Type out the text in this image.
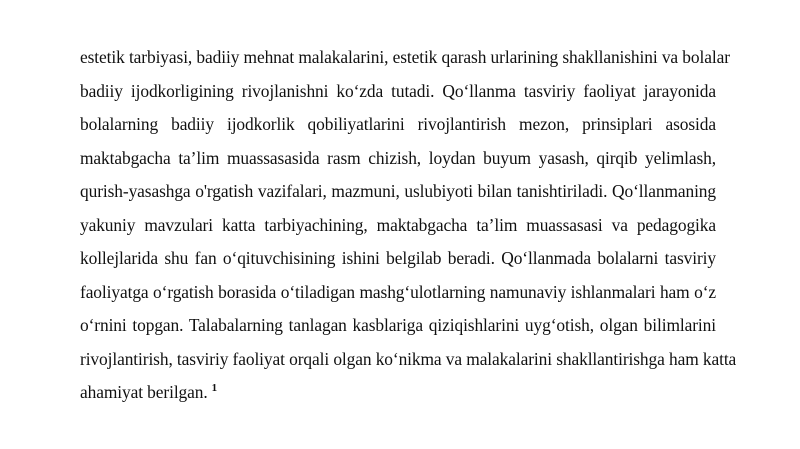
estetik tarbiyasi, badiiy mehnat malakalarini, estetik qarash urlarining shakllanishini va bolalar
badiiy ijodkorligining rivojlanishni ko‘zda tutadi. Qo‘llanma tasviriy faoliyat jarayonida
bolalarning badiiy ijodkorlik qobiliyatlarini rivojlantirish mezon, prinsiplari asosida
maktabgacha ta’lim muassasasida rasm chizish, loydan buyum yasash, qirqib yelimlash,
qurish-yasashga o'rgatish vazifalari, mazmuni, uslubiyoti bilan tanishtiriladi. Qo‘llanmaning
yakuniy mavzulari katta tarbiyachining, maktabgacha ta’lim muassasasi va pedagogika
kollejlarida shu fan o‘qituvchisining ishini belgilab beradi. Qo‘llanmada bolalarni tasviriy
faoliyatga o‘rgatish borasida o‘tiladigan mashg‘ulotlarning namunaviy ishlanmalari ham o‘z
o‘rnini topgan. Talabalarning tanlagan kasblariga qiziqishlarini uyg‘otish, olgan bilimlarini
rivojlantirish, tasviriy faoliyat orqali olgan ko‘nikma va malakalarini shakllantirishga ham katta
ahamiyat berilgan. $^1$
